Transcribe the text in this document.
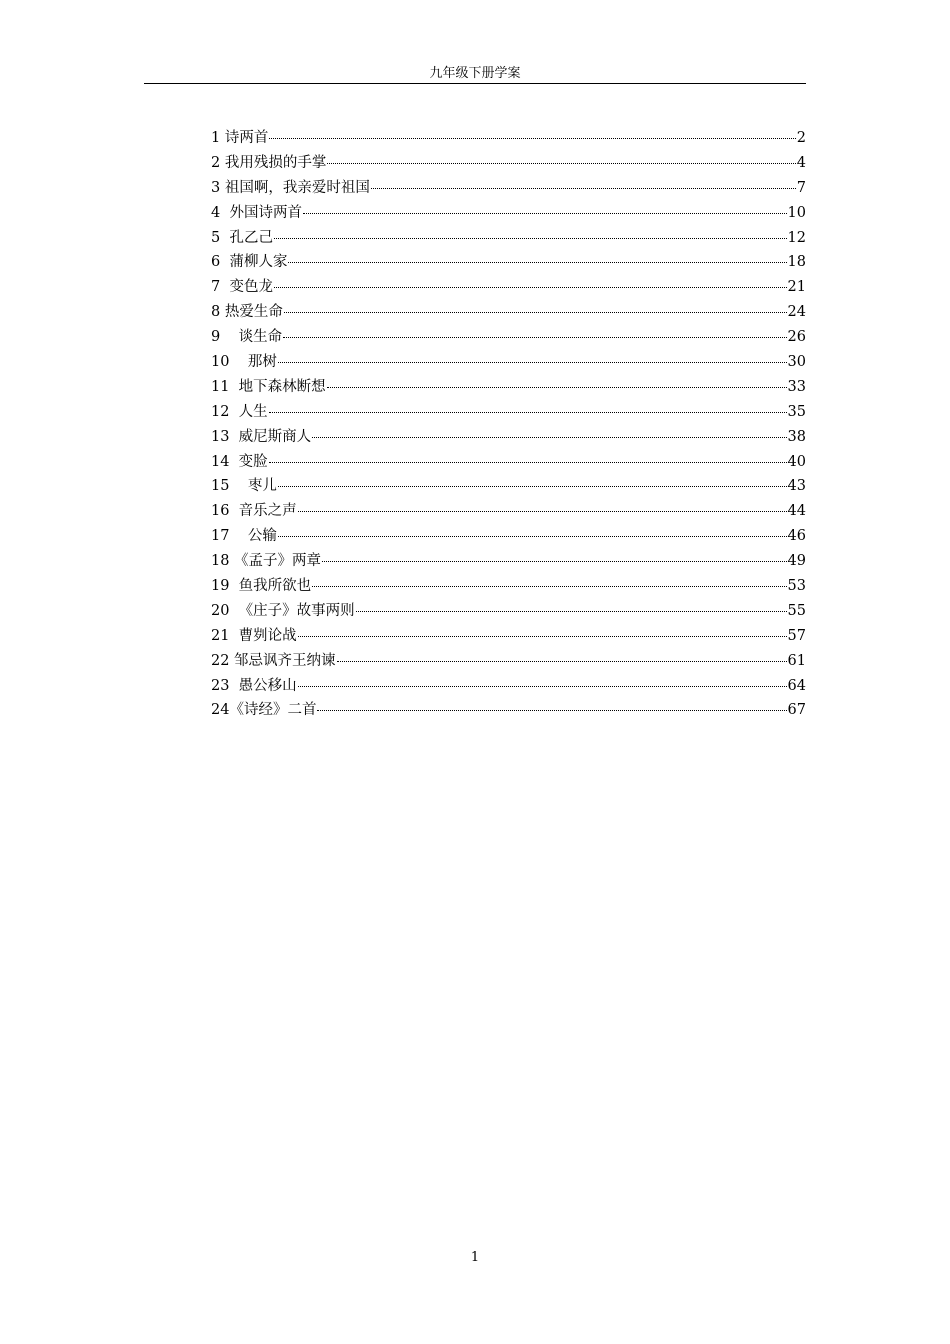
九年级下册学案
1 诗两首	2
2 我用残损的手掌	4
3 祖国啊，我亲爱时祖国	7
4  外国诗两首	10
5  孔乙己	12
6  蒲柳人家	18
7  变色龙	21
8 热爱生命	24
9    谈生命	26
10    那树	30
11  地下森林断想	33
12  人生	35
13  威尼斯商人	38
14  变脸	40
15    枣儿	43
16  音乐之声	44
17    公输	46
18 《孟子》两章	49
19  鱼我所欲也	53
20  《庄子》故事两则	55
21  曹刿论战	57
22 邹忌讽齐王纳谏	61
23  愚公移山	64
24《诗经》二首	67
1
